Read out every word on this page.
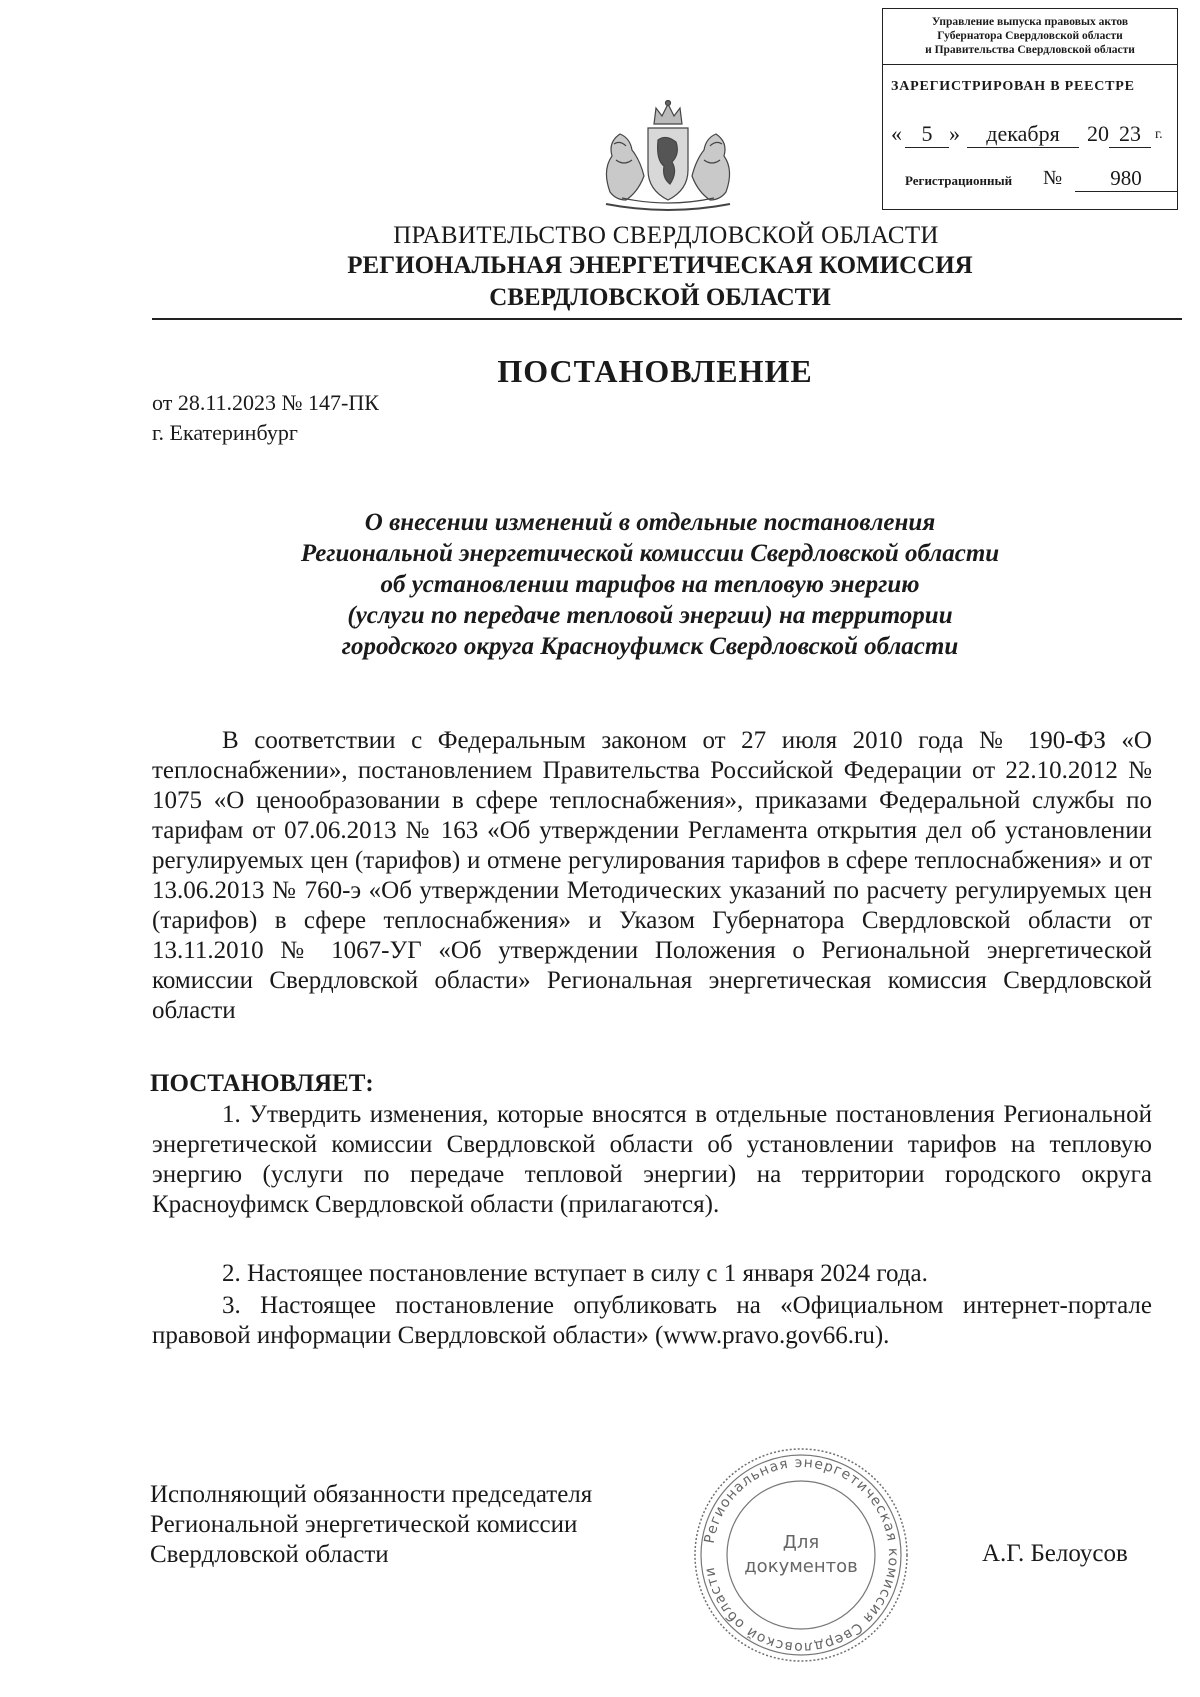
Управление выпуска правовых актов
Губернатора Свердловской области
и Правительства Свердловской области
ЗАРЕГИСТРИРОВАН В РЕЕСТРЕ
« 5 »	декабря	20 23	г.
Регистрационный №	980
ПРАВИТЕЛЬСТВО СВЕРДЛОВСКОЙ ОБЛАСТИ
РЕГИОНАЛЬНАЯ ЭНЕРГЕТИЧЕСКАЯ КОМИССИЯ
СВЕРДЛОВСКОЙ ОБЛАСТИ
ПОСТАНОВЛЕНИЕ
от 28.11.2023 № 147-ПК
г. Екатеринбург
О внесении изменений в отдельные постановления
Региональной энергетической комиссии Свердловской области
об установлении тарифов на тепловую энергию
(услуги по передаче тепловой энергии) на территории
городского округа Красноуфимск Свердловской области
В соответствии с Федеральным законом от 27 июля 2010 года № 190-ФЗ «О теплоснабжении», постановлением Правительства Российской Федерации от 22.10.2012 № 1075 «О ценообразовании в сфере теплоснабжения», приказами Федеральной службы по тарифам от 07.06.2013 № 163 «Об утверждении Регламента открытия дел об установлении регулируемых цен (тарифов) и отмене регулирования тарифов в сфере теплоснабжения» и от 13.06.2013 № 760-э «Об утверждении Методических указаний по расчету регулируемых цен (тарифов) в сфере теплоснабжения» и Указом Губернатора Свердловской области от 13.11.2010 № 1067-УГ «Об утверждении Положения о Региональной энергетической комиссии Свердловской области» Региональная энергетическая комиссия Свердловской области
ПОСТАНОВЛЯЕТ:
1. Утвердить изменения, которые вносятся в отдельные постановления Региональной энергетической комиссии Свердловской области об установлении тарифов на тепловую энергию (услуги по передаче тепловой энергии) на территории городского округа Красноуфимск Свердловской области (прилагаются).
2. Настоящее постановление вступает в силу с 1 января 2024 года.
3. Настоящее постановление опубликовать на «Официальном интернет-портале правовой информации Свердловской области» (www.pravo.gov66.ru).
Исполняющий обязанности председателя
Региональной энергетической комиссии
Свердловской области	А.Г. Белоусов
Региональная энергетическая комиссия Свердловской области
Для
документов
